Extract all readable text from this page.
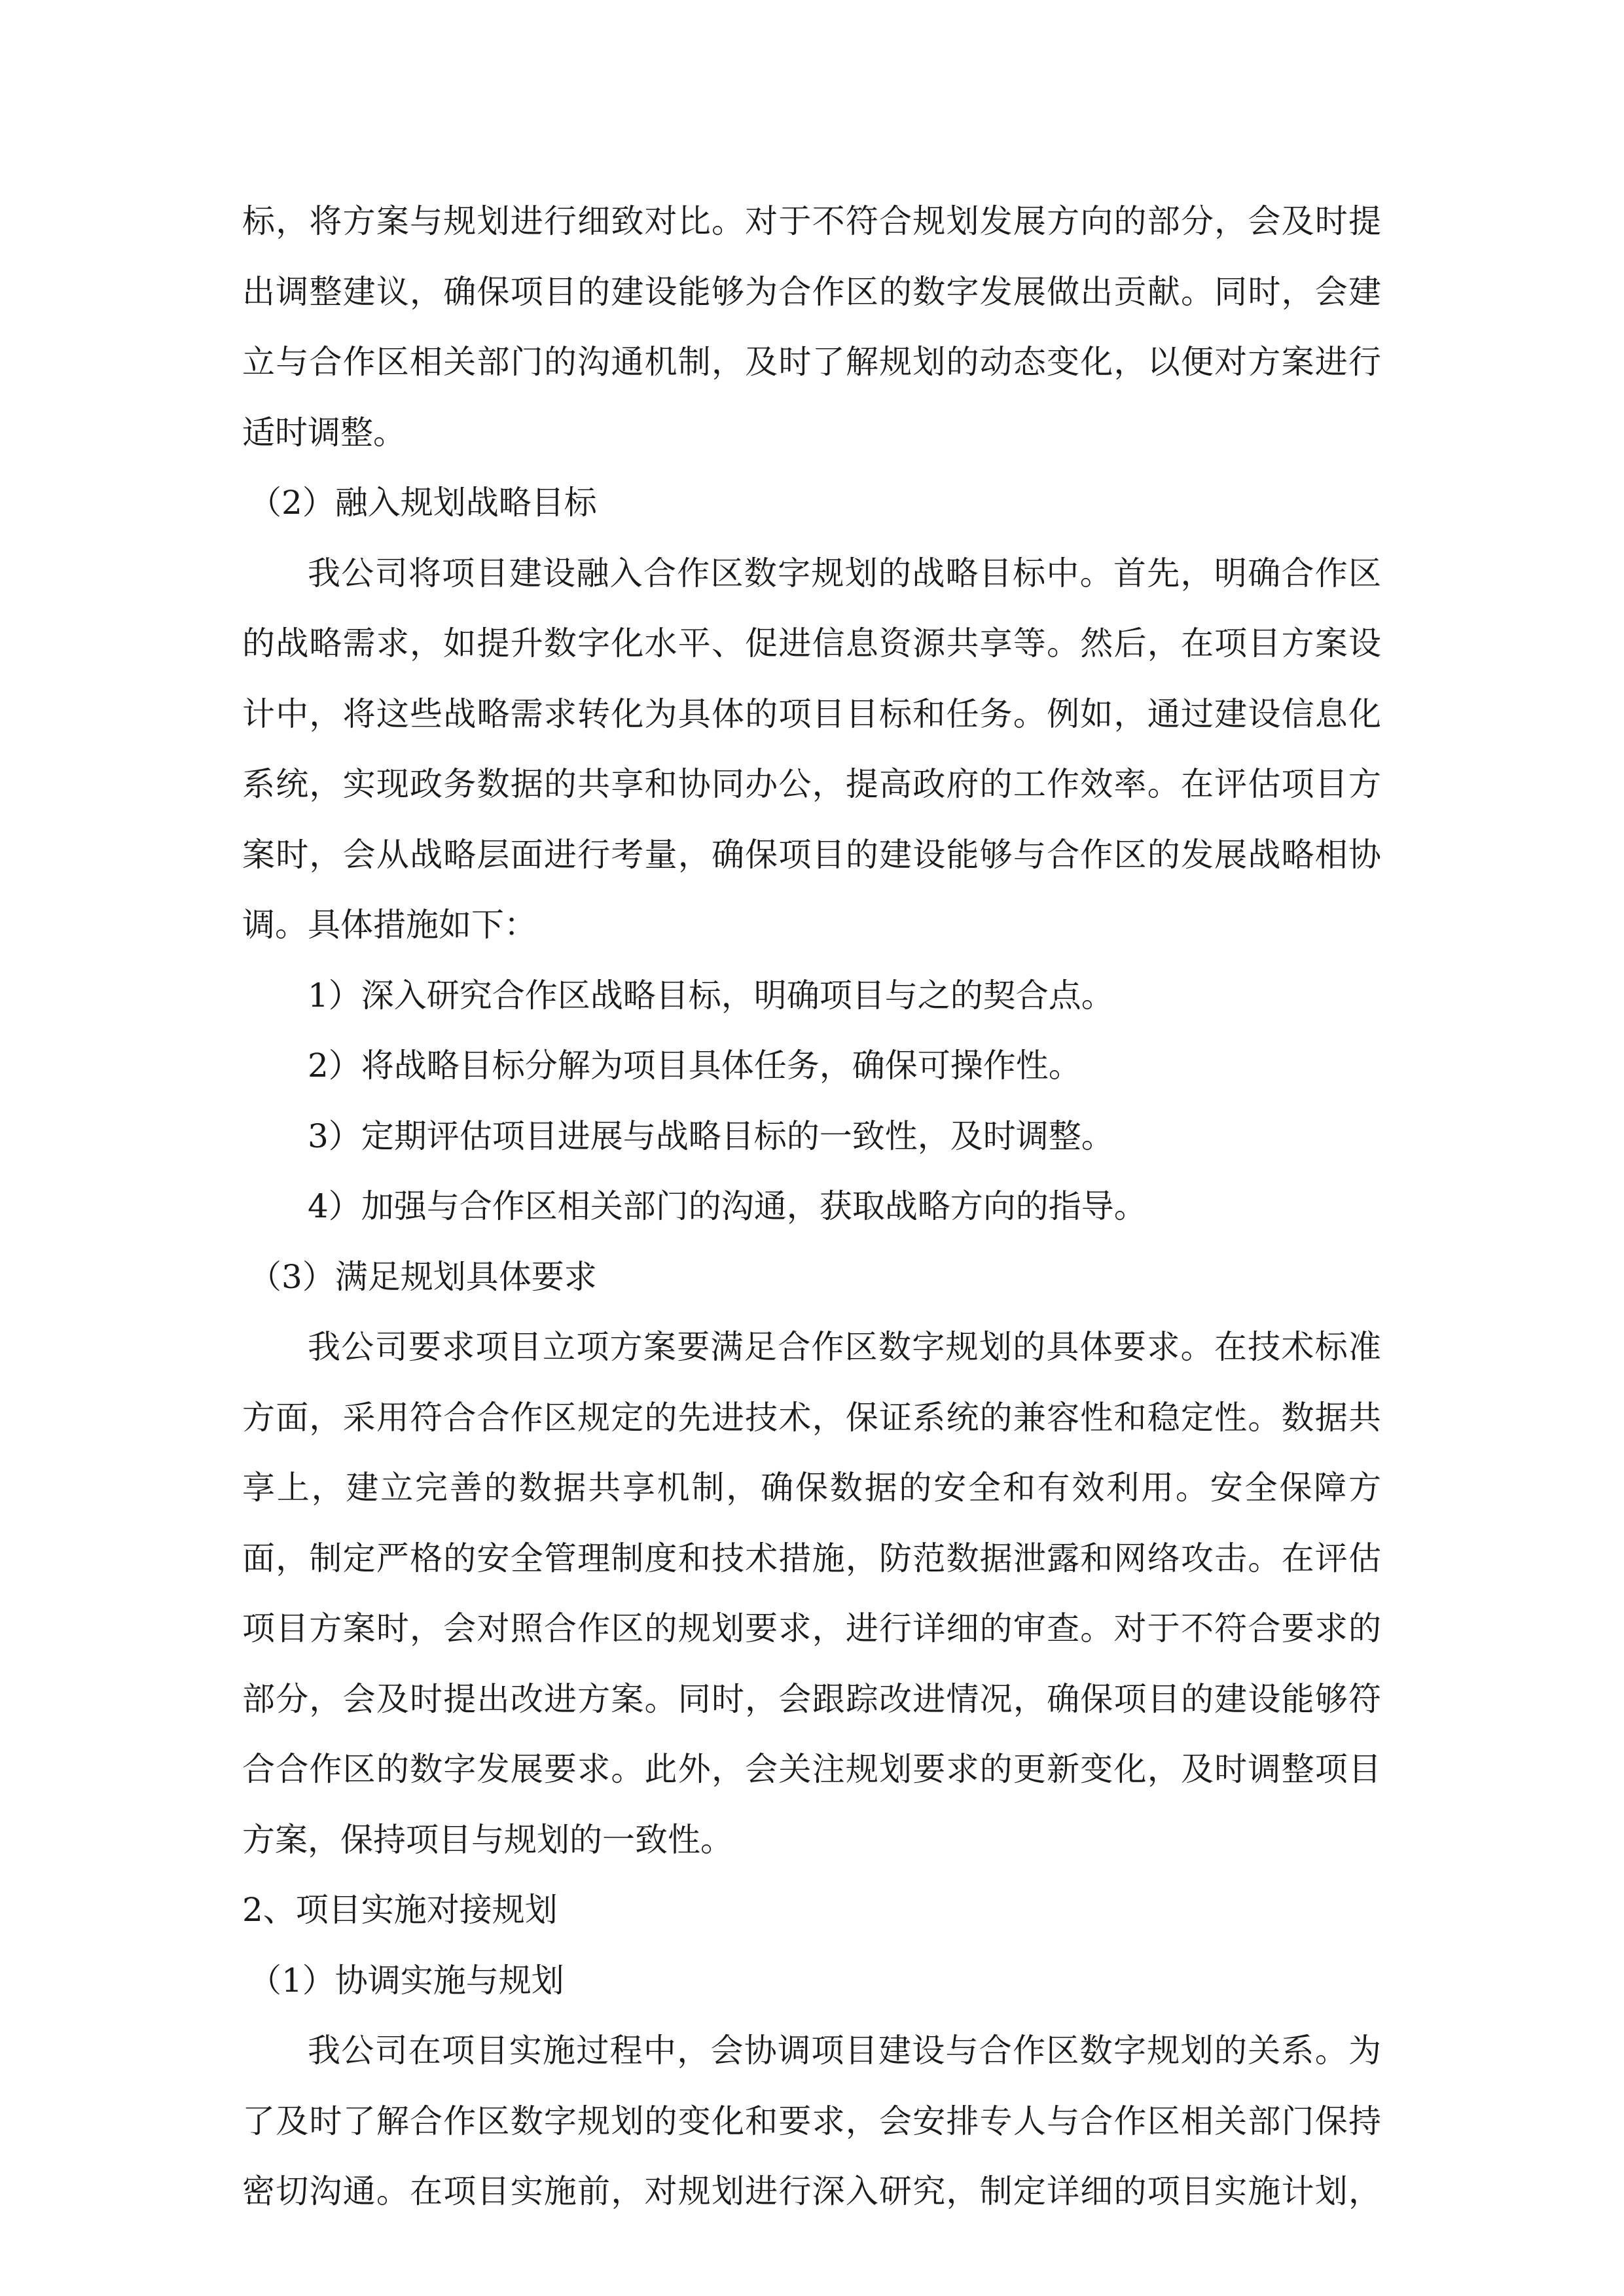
标，将方案与规划进行细致对比。对于不符合规划发展方向的部分，会及时提
出调整建议，确保项目的建设能够为合作区的数字发展做出贡献。同时，会建
立与合作区相关部门的沟通机制，及时了解规划的动态变化，以便对方案进行
适时调整。
（2）融入规划战略目标
我公司将项目建设融入合作区数字规划的战略目标中。首先，明确合作区
的战略需求，如提升数字化水平、促进信息资源共享等。然后，在项目方案设
计中，将这些战略需求转化为具体的项目目标和任务。例如，通过建设信息化
系统，实现政务数据的共享和协同办公，提高政府的工作效率。在评估项目方
案时，会从战略层面进行考量，确保项目的建设能够与合作区的发展战略相协
调。具体措施如下：
1）深入研究合作区战略目标，明确项目与之的契合点。
2）将战略目标分解为项目具体任务，确保可操作性。
3）定期评估项目进展与战略目标的一致性，及时调整。
4）加强与合作区相关部门的沟通，获取战略方向的指导。
（3）满足规划具体要求
我公司要求项目立项方案要满足合作区数字规划的具体要求。在技术标准
方面，采用符合合作区规定的先进技术，保证系统的兼容性和稳定性。数据共
享上，建立完善的数据共享机制，确保数据的安全和有效利用。安全保障方
面，制定严格的安全管理制度和技术措施，防范数据泄露和网络攻击。在评估
项目方案时，会对照合作区的规划要求，进行详细的审查。对于不符合要求的
部分，会及时提出改进方案。同时，会跟踪改进情况，确保项目的建设能够符
合合作区的数字发展要求。此外，会关注规划要求的更新变化，及时调整项目
方案，保持项目与规划的一致性。
2、项目实施对接规划
（1）协调实施与规划
我公司在项目实施过程中，会协调项目建设与合作区数字规划的关系。为
了及时了解合作区数字规划的变化和要求，会安排专人与合作区相关部门保持
密切沟通。在项目实施前，对规划进行深入研究，制定详细的项目实施计划，
